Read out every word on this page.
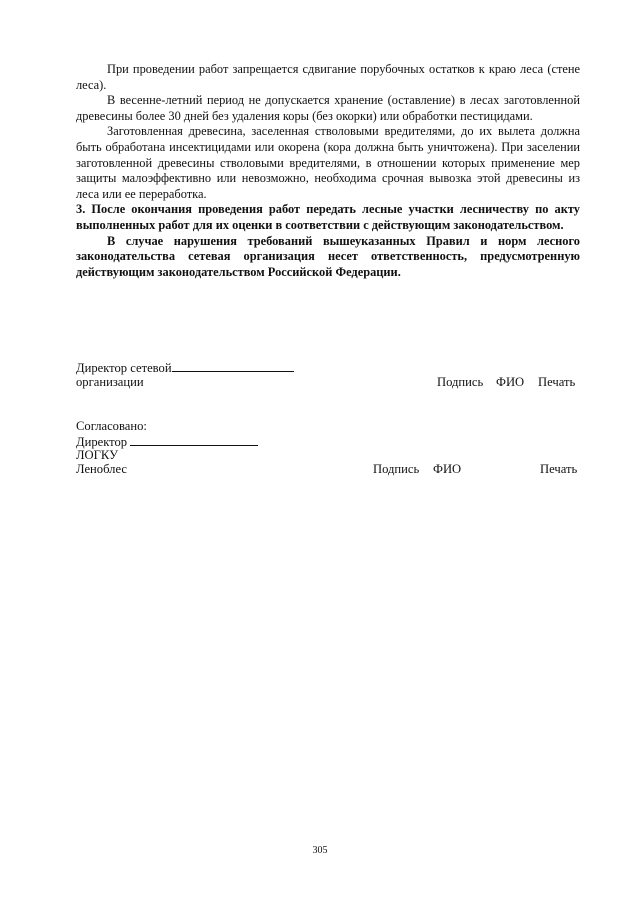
При проведении работ запрещается сдвигание порубочных остатков к краю леса (стене леса).

В весенне-летний период не допускается хранение (оставление) в лесах заготовленной древесины более 30 дней без удаления коры (без окорки) или обработки пестицидами.

Заготовленная древесина, заселенная стволовыми вредителями, до их вылета должна быть обработана инсектицидами или окорена (кора должна быть уничтожена). При заселении заготовленной древесины стволовыми вредителями, в отношении которых применение мер защиты малоэффективно или невозможно, необходима срочная вывозка этой древесины из леса или ее переработка.

3. После окончания проведения работ передать лесные участки лесничеству по акту выполненных работ для их оценки в соответствии с действующим законодательством.

В случае нарушения требований вышеуказанных Правил и норм лесного законодательства сетевая организация несет ответственность, предусмотренную действующим законодательством Российской Федерации.

Директор сетевой
организации	Подпись ФИО Печать
Согласовано:
Директор
ЛОГКУ
Леноблес	Подпись ФИО	Печать
305
